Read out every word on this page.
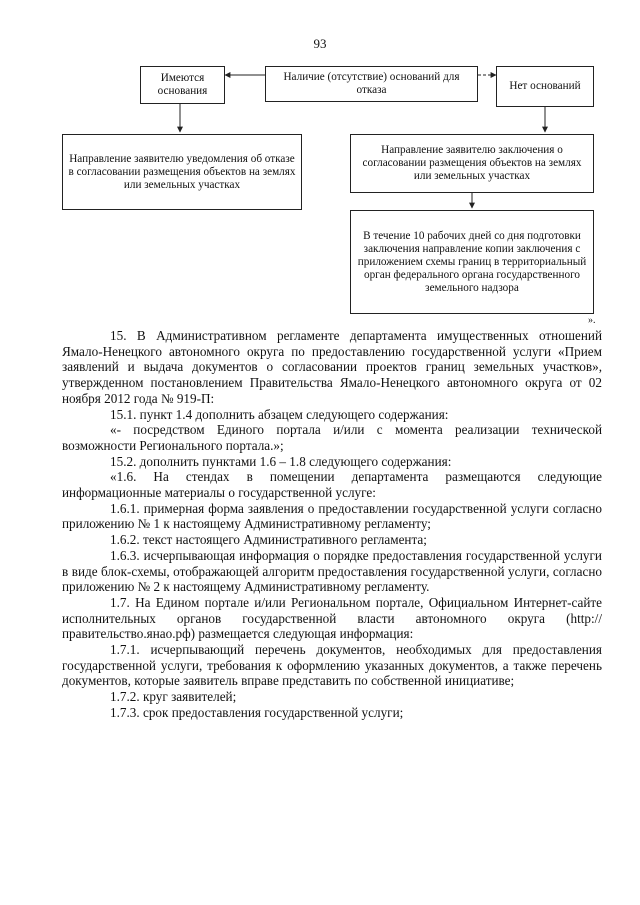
93
Наличие (отсутствие) оснований для отказа
Имеются основания	Нет оснований
Направление заявителю уведомления об отказе в согласовании размещения объектов на землях или земельных участках
Направление заявителю заключения о согласовании размещения объектов на землях или земельных участках
В течение 10 рабочих дней со дня подготовки заключения направление копии заключения с приложением схемы границ в территориальный орган федерального органа государственного земельного надзора
».

15. В Административном регламенте департамента имущественных отношений Ямало-Ненецкого автономного округа по предоставлению государственной услуги «Прием заявлений и выдача документов о согласовании проектов границ земельных участков», утвержденном постановлением Правительства Ямало-Ненецкого автономного округа от 02 ноября 2012 года № 919-П:

15.1. пункт 1.4 дополнить абзацем следующего содержания:

«- посредством Единого портала и/или с момента реализации технической возможности Регионального портала.»;

15.2. дополнить пунктами 1.6 – 1.8 следующего содержания:

«1.6. На стендах в помещении департамента размещаются следующие информационные материалы о государственной услуге:

1.6.1. примерная форма заявления о предоставлении государственной услуги согласно приложению № 1 к настоящему Административному регламенту;

1.6.2. текст настоящего Административного регламента;

1.6.3. исчерпывающая информация о порядке предоставления государственной услуги в виде блок-схемы, отображающей алгоритм предоставления государственной услуги, согласно приложению № 2 к настоящему Административному регламенту.

1.7. На Едином портале и/или Региональном портале, Официальном Интернет-сайте исполнительных органов государственной власти автономного округа (http://правительство.янао.рф) размещается следующая информация:

1.7.1. исчерпывающий перечень документов, необходимых для предоставления государственной услуги, требования к оформлению указанных документов, а также перечень документов, которые заявитель вправе представить по собственной инициативе;

1.7.2. круг заявителей;

1.7.3. срок предоставления государственной услуги;
